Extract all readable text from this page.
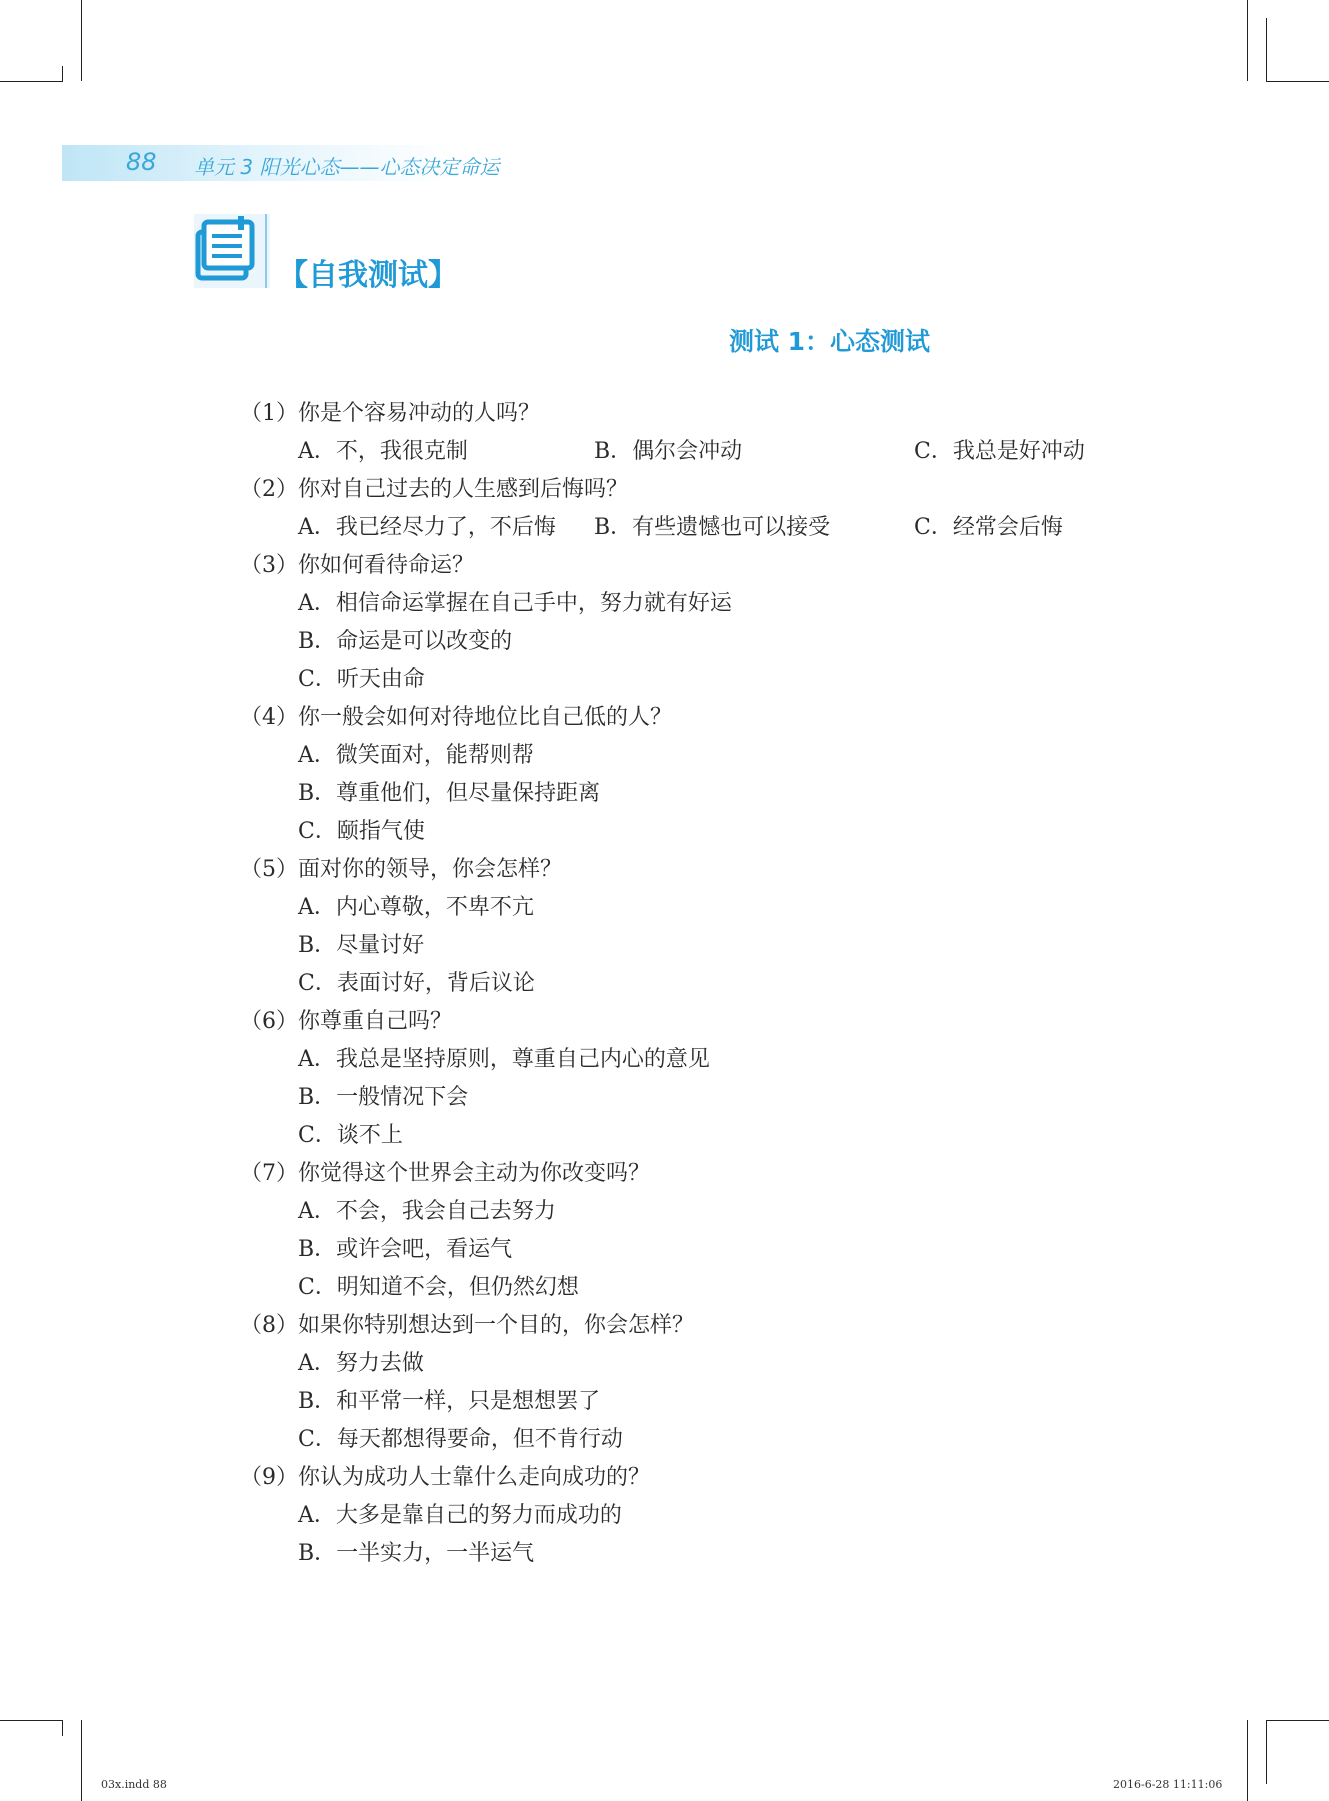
88 单元 3 阳光心态——心态决定命运
【自我测试】
测试 1：心态测试
（1）你是个容易冲动的人吗？
A．不，我很克制	B．偶尔会冲动	C．我总是好冲动
（2）你对自己过去的人生感到后悔吗？
A．我已经尽力了，不后悔 B．有些遗憾也可以接受	C．经常会后悔
（3）你如何看待命运？
A．相信命运掌握在自己手中，努力就有好运
B．命运是可以改变的
C．听天由命
（4）你一般会如何对待地位比自己低的人？
A．微笑面对，能帮则帮
B．尊重他们，但尽量保持距离
C．颐指气使
（5）面对你的领导，你会怎样？
A．内心尊敬，不卑不亢
B．尽量讨好
C．表面讨好，背后议论
（6）你尊重自己吗？
A．我总是坚持原则，尊重自己内心的意见
B．一般情况下会
C．谈不上
（7）你觉得这个世界会主动为你改变吗？
A．不会，我会自己去努力
B．或许会吧，看运气
C．明知道不会，但仍然幻想
（8）如果你特别想达到一个目的，你会怎样？
A．努力去做
B．和平常一样，只是想想罢了
C．每天都想得要命，但不肯行动
（9）你认为成功人士靠什么走向成功的？
A．大多是靠自己的努力而成功的
B．一半实力，一半运气
03x.indd 88	2016-6-28 11:11:06
